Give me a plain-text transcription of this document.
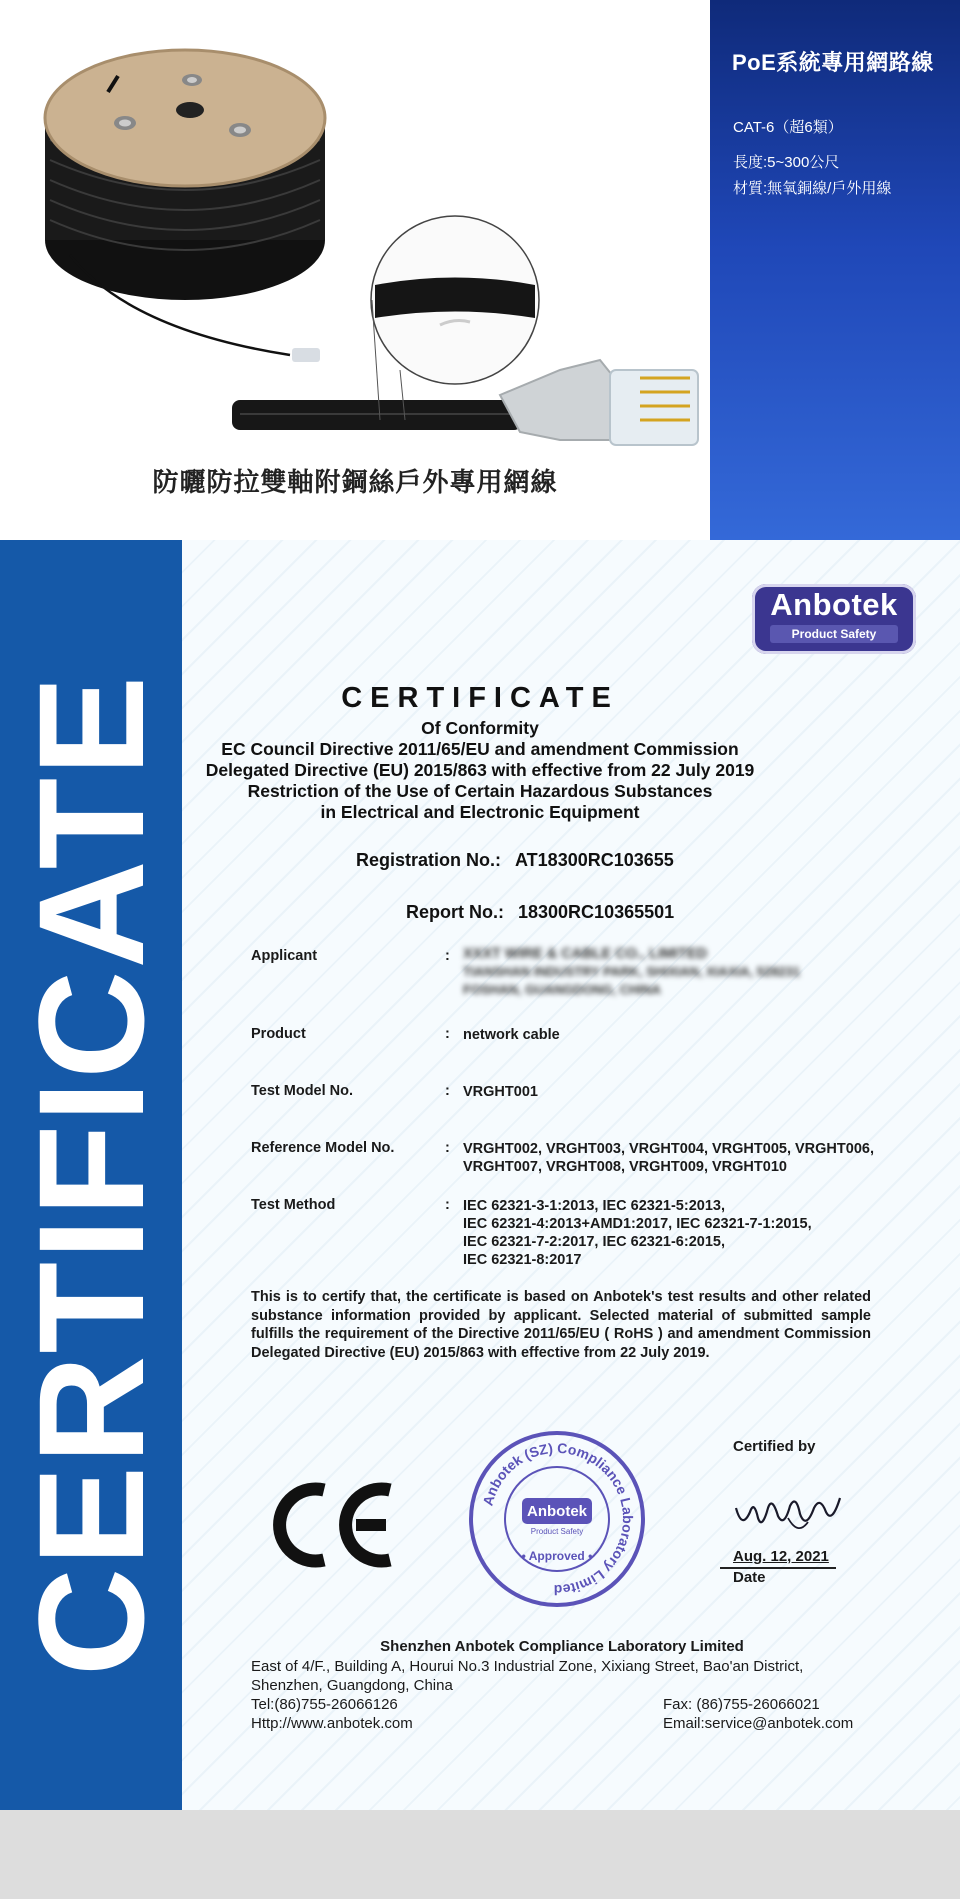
PoE系統專用網路線
CAT-6（超6類）
長度:5~300公尺
材質:無氧銅線/戶外用線
防曬防拉雙軸附鋼絲戶外專用網線
CERTIFICATE
Anbotek
Product Safety
CERTIFICATE
Of Conformity
EC Council Directive 2011/65/EU and amendment Commission
Delegated Directive (EU) 2015/863 with effective from 22 July 2019
Restriction of the Use of Certain Hazardous Substances
in Electrical and Electronic Equipment
Registration No.: AT18300RC103655
Report No.: 18300RC10365501
Applicant	: XXXT WIRE & CABLE CO., LIMITED
TIANSHAN INDUSTRY PARK, SHIXIAN, XIAXIA, 528231
FOSHAN, GUANGDONG, CHINA
Product	: network cable
Test Model No.	: VRGHT001
Reference Model No.	: VRGHT002, VRGHT003, VRGHT004, VRGHT005, VRGHT006,
VRGHT007, VRGHT008, VRGHT009, VRGHT010
Test Method	: IEC 62321-3-1:2013, IEC 62321-5:2013,
IEC 62321-4:2013+AMD1:2017, IEC 62321-7-1:2015,
IEC 62321-7-2:2017, IEC 62321-6:2015,
IEC 62321-8:2017
This is to certify that, the certificate is based on Anbotek's test results and other related substance information provided by applicant. Selected material of submitted sample fulfills the requirement of the Directive 2011/65/EU ( RoHS ) and amendment Commission Delegated Directive (EU) 2015/863 with effective from 22 July 2019.
Anbotek (SZ) Compliance Laboratory Limited
Anbotek
Product Safety
• Approved •
Certified by
Aug. 12, 2021
Date
Shenzhen Anbotek Compliance Laboratory Limited
East of 4/F., Building A, Hourui No.3 Industrial Zone, Xixiang Street, Bao'an District,
Shenzhen, Guangdong, China
Tel:(86)755-26066126	Fax: (86)755-26066021
Http://www.anbotek.com	Email:service@anbotek.com
